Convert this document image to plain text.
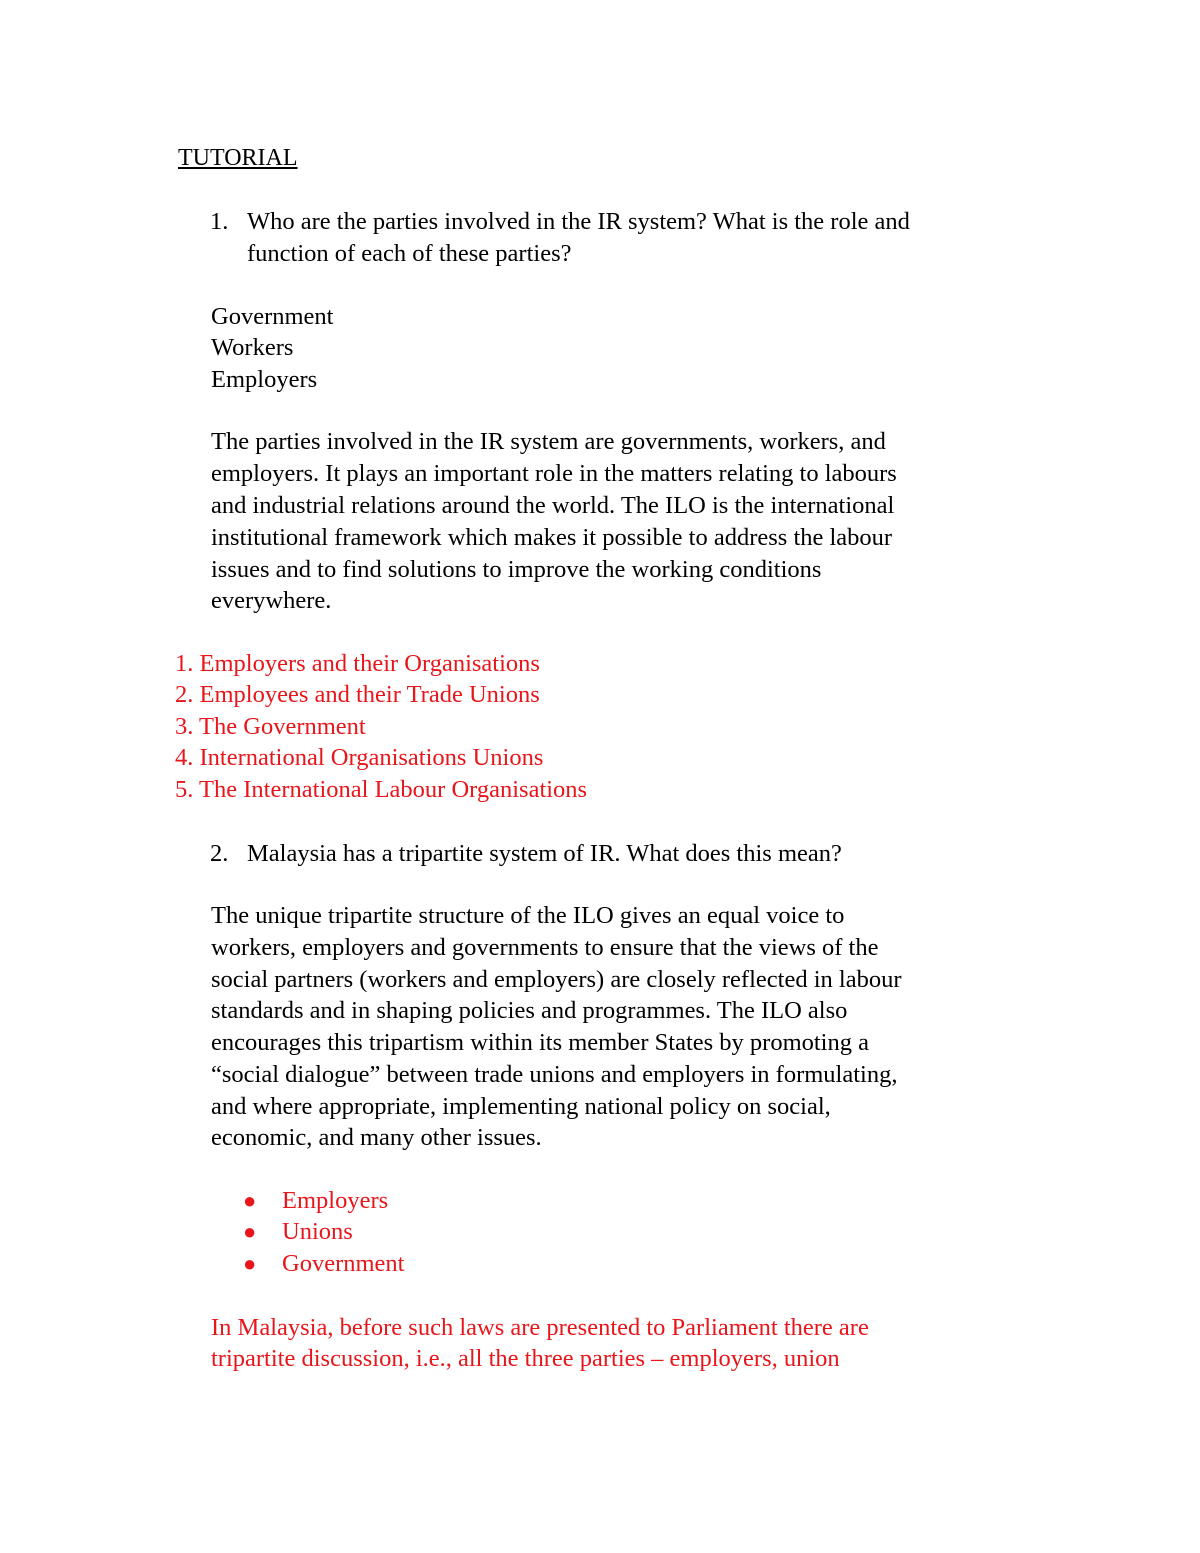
TUTORIAL
1. Who are the parties involved in the IR system? What is the role and
function of each of these parties?
Government
Workers
Employers
The parties involved in the IR system are governments, workers, and
employers. It plays an important role in the matters relating to labours
and industrial relations around the world. The ILO is the international
institutional framework which makes it possible to address the labour
issues and to find solutions to improve the working conditions
everywhere.
1. Employers and their Organisations
2. Employees and their Trade Unions
3. The Government
4. International Organisations Unions
5. The International Labour Organisations
2. Malaysia has a tripartite system of IR. What does this mean?
The unique tripartite structure of the ILO gives an equal voice to
workers, employers and governments to ensure that the views of the
social partners (workers and employers) are closely reflected in labour
standards and in shaping policies and programmes. The ILO also
encourages this tripartism within its member States by promoting a
“social dialogue” between trade unions and employers in formulating,
and where appropriate, implementing national policy on social,
economic, and many other issues.
● Employers
● Unions
● Government
In Malaysia, before such laws are presented to Parliament there are
tripartite discussion, i.e., all the three parties – employers, union
